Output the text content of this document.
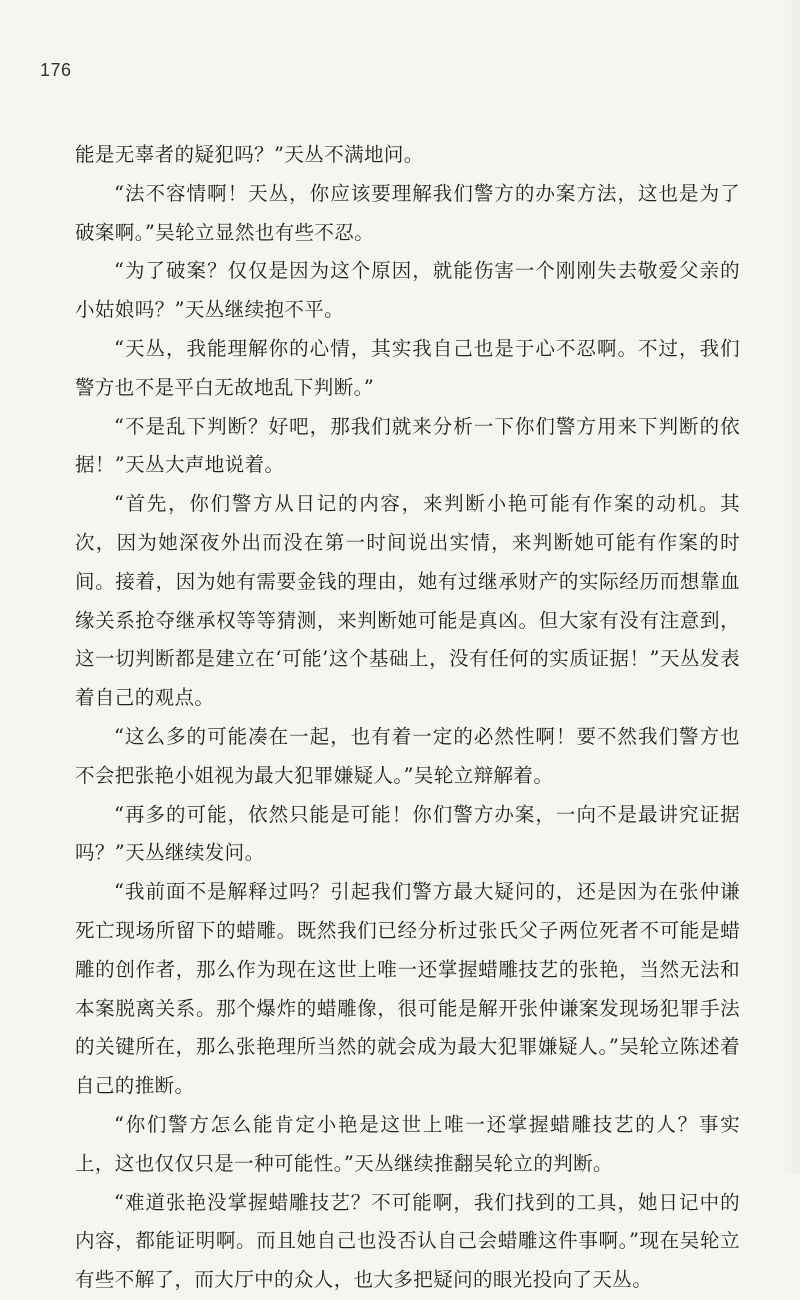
176

能是无辜者的疑犯吗？”天丛不满地问。

“法不容情啊！天丛，你应该要理解我们警方的办案方法，这也是为了破案啊。”吴轮立显然也有些不忍。

“为了破案？仅仅是因为这个原因，就能伤害一个刚刚失去敬爱父亲的小姑娘吗？”天丛继续抱不平。

“天丛，我能理解你的心情，其实我自己也是于心不忍啊。不过，我们警方也不是平白无故地乱下判断。”

“不是乱下判断？好吧，那我们就来分析一下你们警方用来下判断的依据！”天丛大声地说着。

“首先，你们警方从日记的内容，来判断小艳可能有作案的动机。其次，因为她深夜外出而没在第一时间说出实情，来判断她可能有作案的时间。接着，因为她有需要金钱的理由，她有过继承财产的实际经历而想靠血缘关系抢夺继承权等等猜测，来判断她可能是真凶。但大家有没有注意到，这一切判断都是建立在‘可能’这个基础上，没有任何的实质证据！”天丛发表着自己的观点。

“这么多的可能凑在一起，也有着一定的必然性啊！要不然我们警方也不会把张艳小姐视为最大犯罪嫌疑人。”吴轮立辩解着。

“再多的可能，依然只能是可能！你们警方办案，一向不是最讲究证据吗？”天丛继续发问。

“我前面不是解释过吗？引起我们警方最大疑问的，还是因为在张仲谦死亡现场所留下的蜡雕。既然我们已经分析过张氏父子两位死者不可能是蜡雕的创作者，那么作为现在这世上唯一还掌握蜡雕技艺的张艳，当然无法和本案脱离关系。那个爆炸的蜡雕像，很可能是解开张仲谦案发现场犯罪手法的关键所在，那么张艳理所当然的就会成为最大犯罪嫌疑人。”吴轮立陈述着自己的推断。

“你们警方怎么能肯定小艳是这世上唯一还掌握蜡雕技艺的人？事实上，这也仅仅只是一种可能性。”天丛继续推翻吴轮立的判断。

“难道张艳没掌握蜡雕技艺？不可能啊，我们找到的工具，她日记中的内容，都能证明啊。而且她自己也没否认自己会蜡雕这件事啊。”现在吴轮立有些不解了，而大厅中的众人，也大多把疑问的眼光投向了天丛。
